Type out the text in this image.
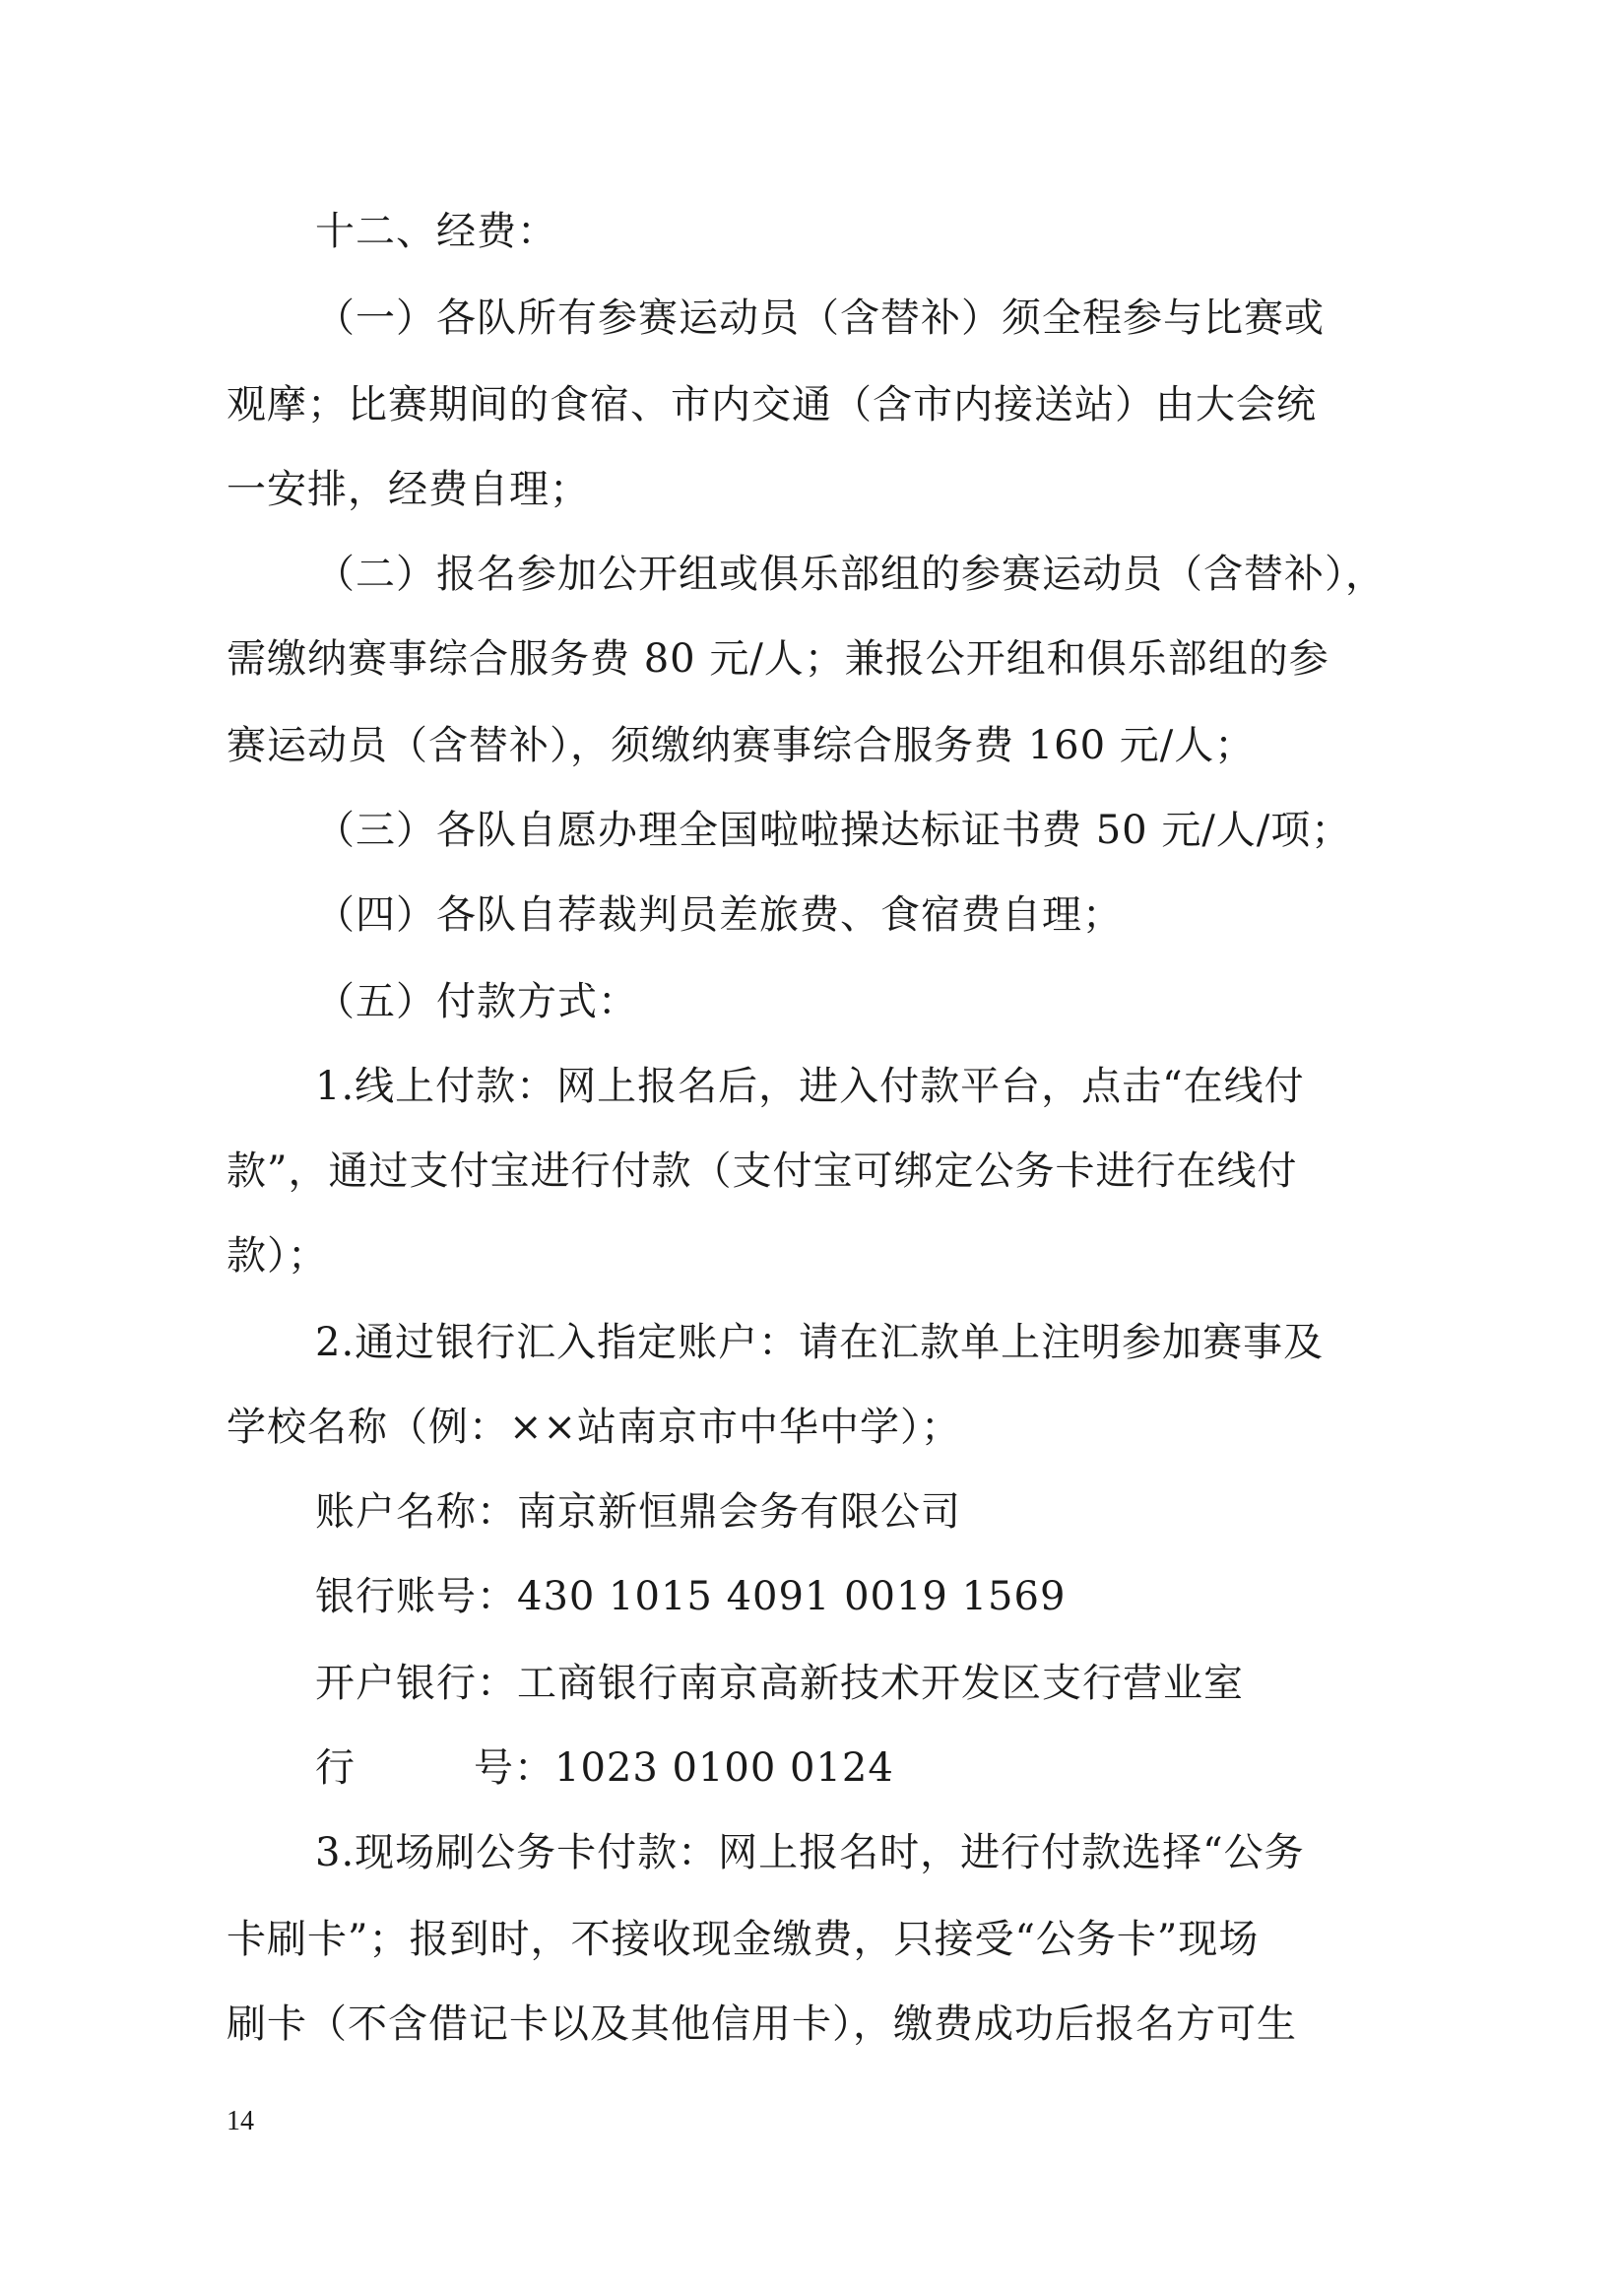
十二、经费：
（一）各队所有参赛运动员（含替补）须全程参与比赛或
观摩；比赛期间的食宿、市内交通（含市内接送站）由大会统
一安排，经费自理；
（二）报名参加公开组或俱乐部组的参赛运动员（含替补），
需缴纳赛事综合服务费 80 元/人；兼报公开组和俱乐部组的参
赛运动员（含替补），须缴纳赛事综合服务费 160 元/人；
（三）各队自愿办理全国啦啦操达标证书费 50 元/人/项；
（四）各队自荐裁判员差旅费、食宿费自理；
（五）付款方式：
1.线上付款：网上报名后，进入付款平台，点击“在线付
款”，通过支付宝进行付款（支付宝可绑定公务卡进行在线付
款）；
2.通过银行汇入指定账户：请在汇款单上注明参加赛事及
学校名称（例：××站南京市中华中学）；
账户名称：南京新恒鼎会务有限公司
银行账号：430 1015 4091 0019 1569
开户银行：工商银行南京高新技术开发区支行营业室
行	号：1023 0100 0124
3.现场刷公务卡付款：网上报名时，进行付款选择“公务
卡刷卡”；报到时，不接收现金缴费，只接受“公务卡”现场
刷卡（不含借记卡以及其他信用卡），缴费成功后报名方可生
14
